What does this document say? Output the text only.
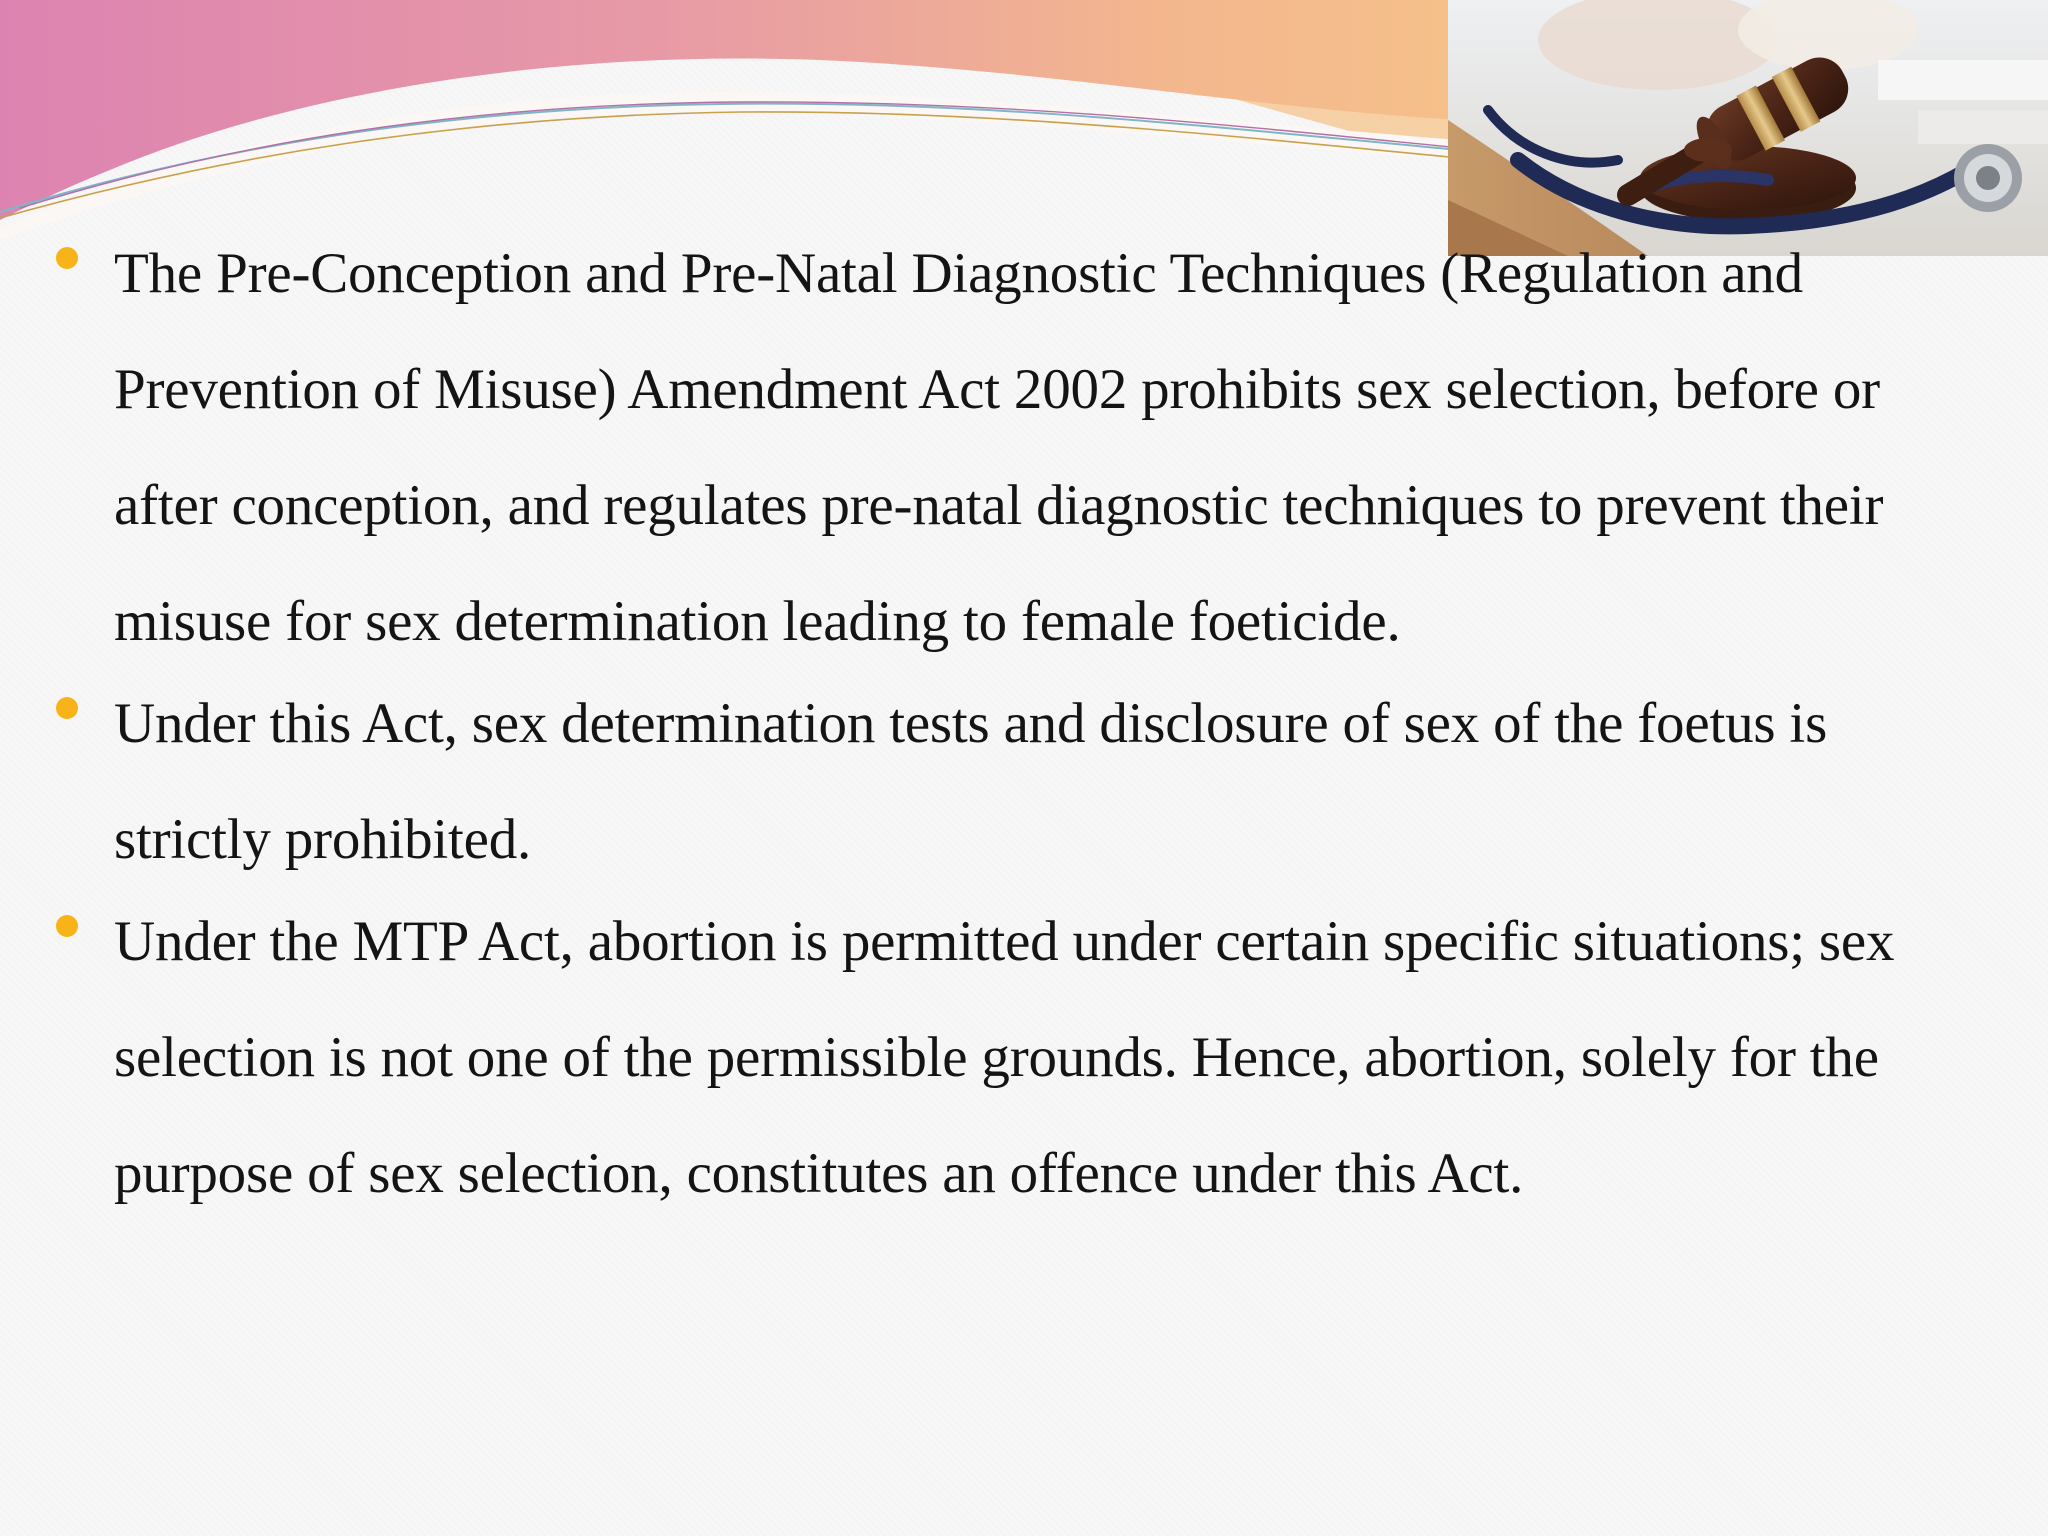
The Pre-Conception and Pre-Natal Diagnostic Techniques (Regulation and Prevention of Misuse) Amendment Act 2002 prohibits sex selection, before or after conception, and regulates pre-natal diagnostic techniques to prevent their misuse for sex determination leading to female foeticide.
Under this Act, sex determination tests and disclosure of sex of the foetus is strictly prohibited.
Under the MTP Act, abortion is permitted under certain specific situations; sex selection is not one of the permissible grounds. Hence, abortion, solely for the purpose of sex selection, constitutes an offence under this Act.
